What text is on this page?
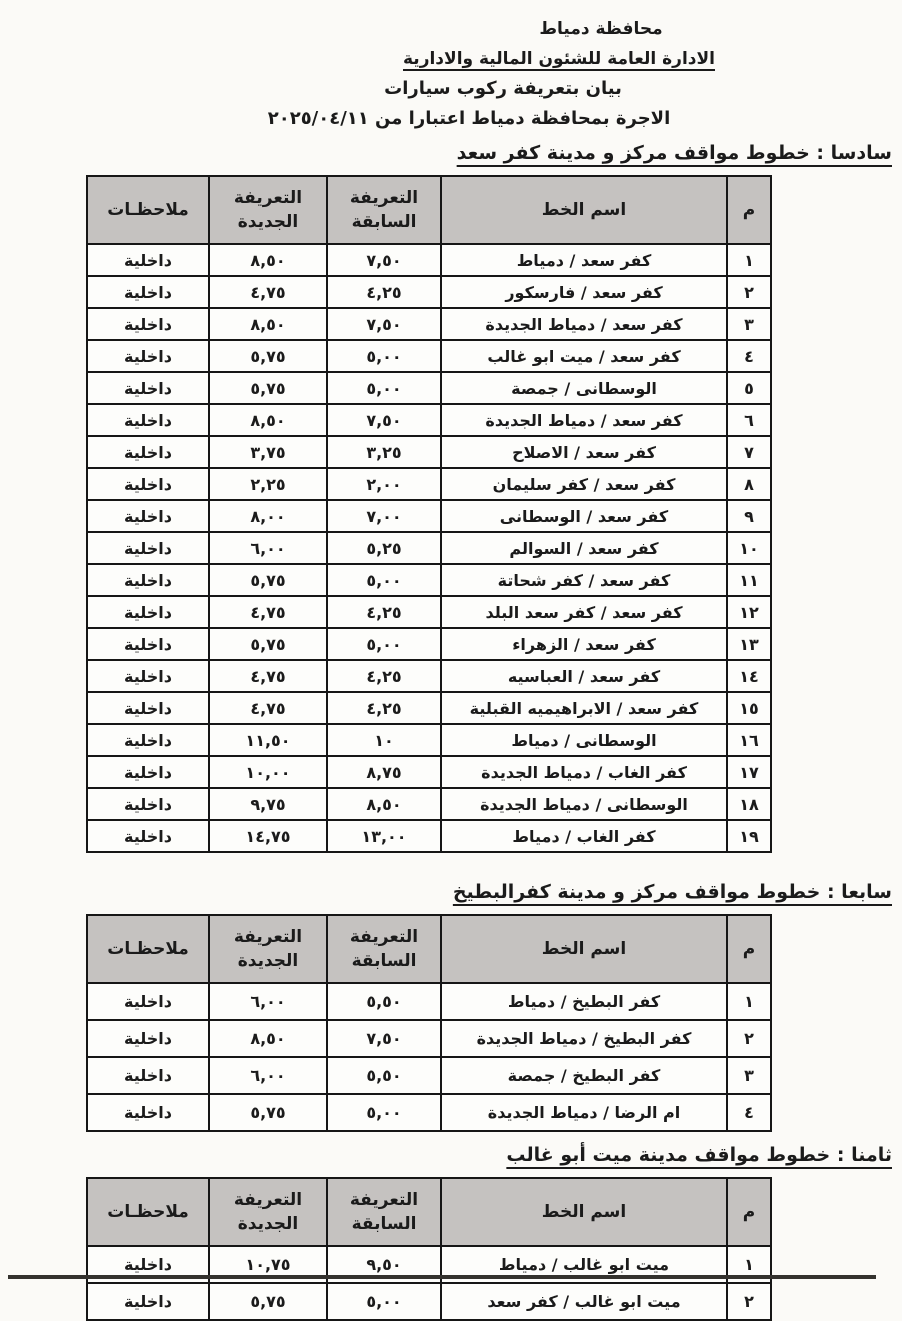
محافظة دمياط
الادارة العامة للشئون المالية والادارية
بيان بتعريفة ركوب سيارات
الاجرة بمحافظة دمياط اعتبارا من ٢٠٢٥/٠٤/١١
سادسا : خطوط مواقف مركز و مدينة كفر سعد
م	اسم الخط	التعريفة السابقة	التعريفة الجديدة	ملاحظـات
١	كفر سعد / دمياط	٧,٥٠	٨,٥٠	داخلية
٢	كفر سعد / فارسكور	٤,٢٥	٤,٧٥	داخلية
٣	كفر سعد / دمياط الجديدة	٧,٥٠	٨,٥٠	داخلية
٤	كفر سعد / ميت ابو غالب	٥,٠٠	٥,٧٥	داخلية
٥	الوسطانى / جمصة	٥,٠٠	٥,٧٥	داخلية
٦	كفر سعد / دمياط الجديدة	٧,٥٠	٨,٥٠	داخلية
٧	كفر سعد / الاصلاح	٣,٢٥	٣,٧٥	داخلية
٨	كفر سعد / كفر سليمان	٢,٠٠	٢,٢٥	داخلية
٩	كفر سعد / الوسطانى	٧,٠٠	٨,٠٠	داخلية
١٠	كفر سعد / السوالم	٥,٢٥	٦,٠٠	داخلية
١١	كفر سعد / كفر شحاتة	٥,٠٠	٥,٧٥	داخلية
١٢	كفر سعد / كفر سعد البلد	٤,٢٥	٤,٧٥	داخلية
١٣	كفر سعد / الزهراء	٥,٠٠	٥,٧٥	داخلية
١٤	كفر سعد / العباسيه	٤,٢٥	٤,٧٥	داخلية
١٥	كفر سعد / الابراهيميه القبلية	٤,٢٥	٤,٧٥	داخلية
١٦	الوسطانى / دمياط	١٠	١١,٥٠	داخلية
١٧	كفر الغاب / دمياط الجديدة	٨,٧٥	١٠,٠٠	داخلية
١٨	الوسطانى / دمياط الجديدة	٨,٥٠	٩,٧٥	داخلية
١٩	كفر الغاب / دمياط	١٣,٠٠	١٤,٧٥	داخلية
سابعا : خطوط مواقف مركز و مدينة كفرالبطيخ
م	اسم الخط	التعريفة السابقة	التعريفة الجديدة	ملاحظـات
١	كفر البطيخ / دمياط	٥,٥٠	٦,٠٠	داخلية
٢	كفر البطيخ / دمياط الجديدة	٧,٥٠	٨,٥٠	داخلية
٣	كفر البطيخ / جمصة	٥,٥٠	٦,٠٠	داخلية
٤	ام الرضا / دمياط الجديدة	٥,٠٠	٥,٧٥	داخلية
ثامنا : خطوط مواقف مدينة ميت أبو غالب
م	اسم الخط	التعريفة السابقة	التعريفة الجديدة	ملاحظـات
١	ميت ابو غالب / دمياط	٩,٥٠	١٠,٧٥	داخلية
٢	ميت ابو غالب / كفر سعد	٥,٠٠	٥,٧٥	داخلية
